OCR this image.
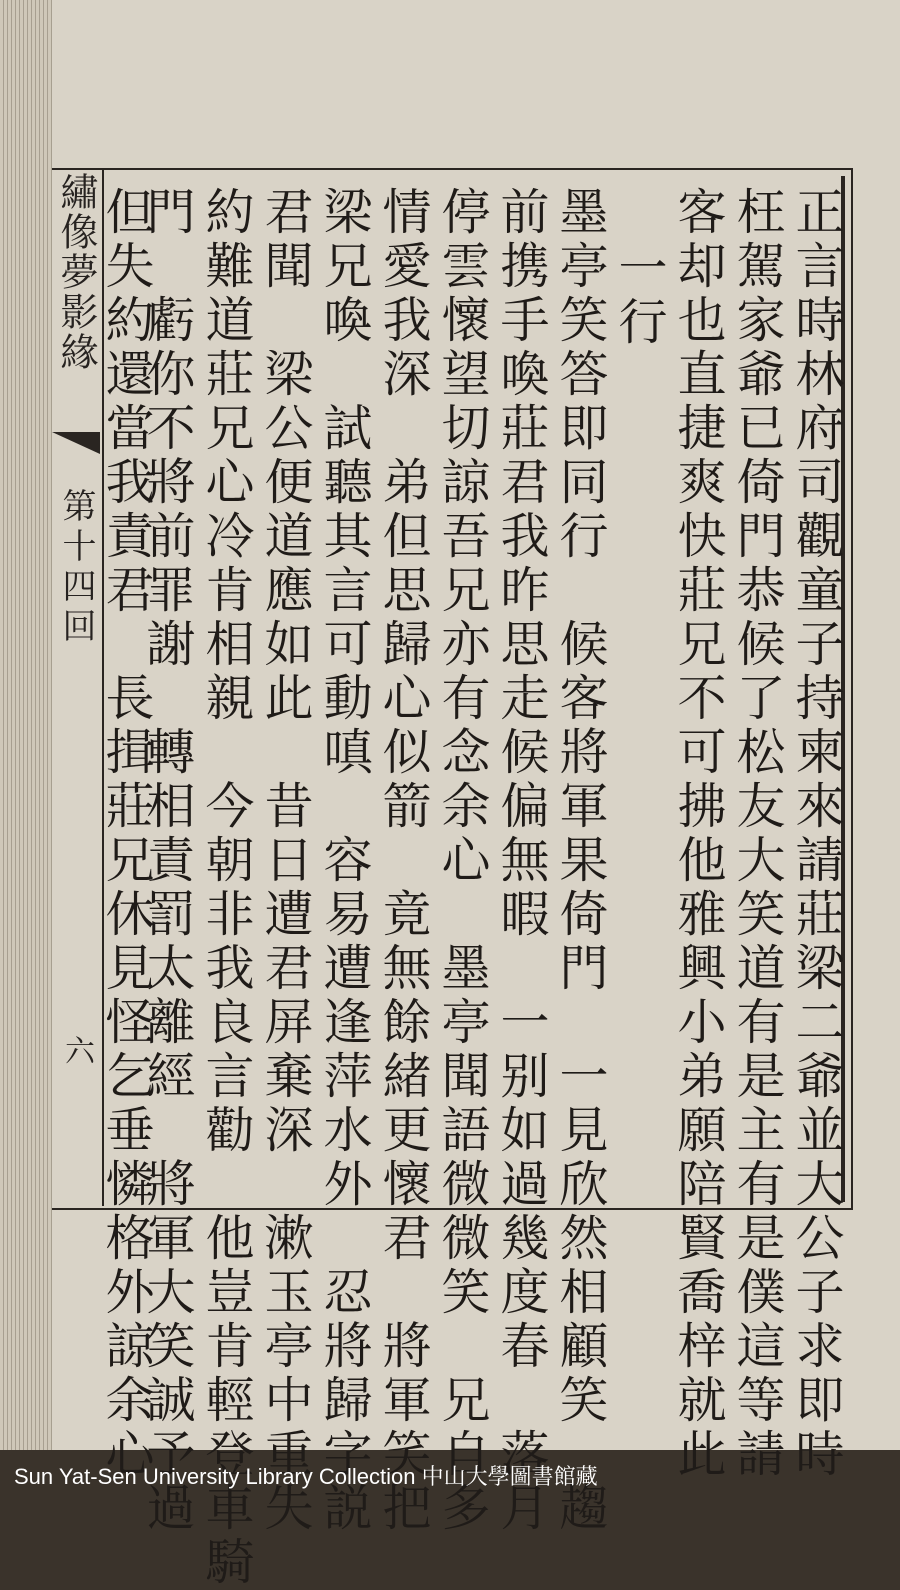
繡像夢影緣
第十四回
六	正言時林府司觀童子持柬來請莊梁二爺並大公子求即時
枉駕家爺已倚門恭候了松友大笑道有是主有是僕這等請
客却也直捷爽快莊兄不可拂他雅興小弟願陪賢喬梓就此
一行
墨亭笑答即同行　候客將軍果倚門　一見欣然相顧笑　趨
前携手喚莊君我昨思走候偏無暇　一别如過幾度春　落月
停雲懷望切諒吾兄亦有念余心　墨亭聞語微微笑　兄自多
情愛我深　弟但思歸心似箭　竟無餘緒更懷君　將軍笑把
梁兄喚　試聽其言可動嗔　容易遭逢萍水外　忍將歸字説
君聞　梁公便道應如此　昔日遭君屏棄深　漱玉亭中重失
約難道莊兄心冷肯相親　今朝非我良言勸　他豈肯輕登車騎
門　虧你不將前罪謝　轉相責罰太離經　將軍大笑誠予過
但失約還當我責君　長揖莊兄休見怪乞垂憐格外諒余心
Sun Yat-Sen University Library Collection 中山大學圖書館藏
